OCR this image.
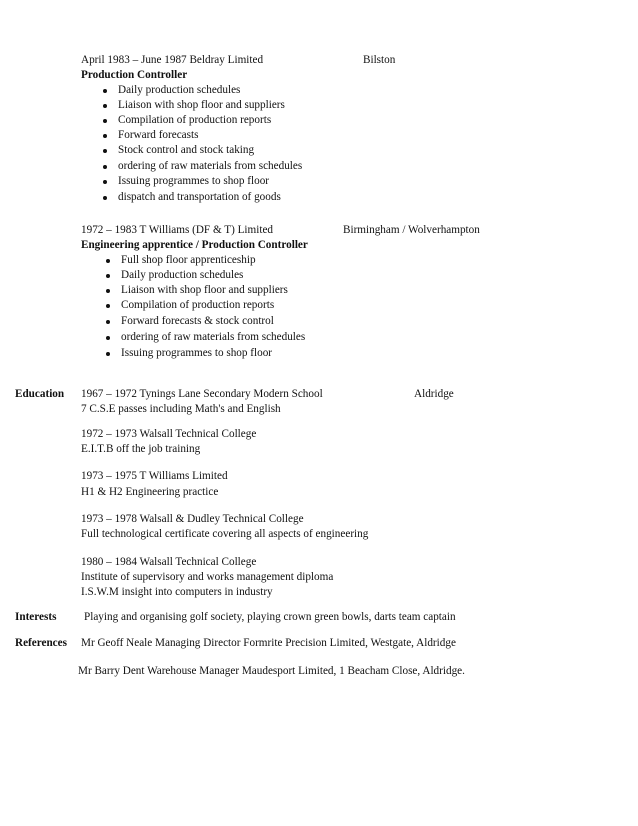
April 1983 – June 1987 Beldray Limited	Bilston
Production Controller
Daily production schedules
Liaison with shop floor and suppliers
Compilation of production reports
Forward forecasts
Stock control and stock taking
ordering of raw materials from schedules
Issuing programmes to shop floor
dispatch and transportation of goods
1972 – 1983 T Williams (DF & T) Limited	Birmingham / Wolverhampton
Engineering apprentice / Production Controller
Full shop floor apprenticeship
Daily production schedules
Liaison with shop floor and suppliers
Compilation of production reports
Forward forecasts & stock control
ordering of raw materials from schedules
Issuing programmes to shop floor
Education 1967 – 1972 Tynings Lane Secondary Modern School	Aldridge
7 C.S.E passes including Math's and English
1972 – 1973 Walsall Technical College
E.I.T.B off the job training
1973 – 1975 T Williams Limited
H1 & H2 Engineering practice
1973 – 1978 Walsall & Dudley Technical College
Full technological certificate covering all aspects of engineering
1980 – 1984 Walsall Technical College
Institute of supervisory and works management diploma
I.S.W.M insight into computers in industry
Interests Playing and organising golf society, playing crown green bowls, darts team captain
References Mr Geoff Neale Managing Director Formrite Precision Limited, Westgate, Aldridge
Mr Barry Dent Warehouse Manager Maudesport Limited, 1 Beacham Close, Aldridge.
